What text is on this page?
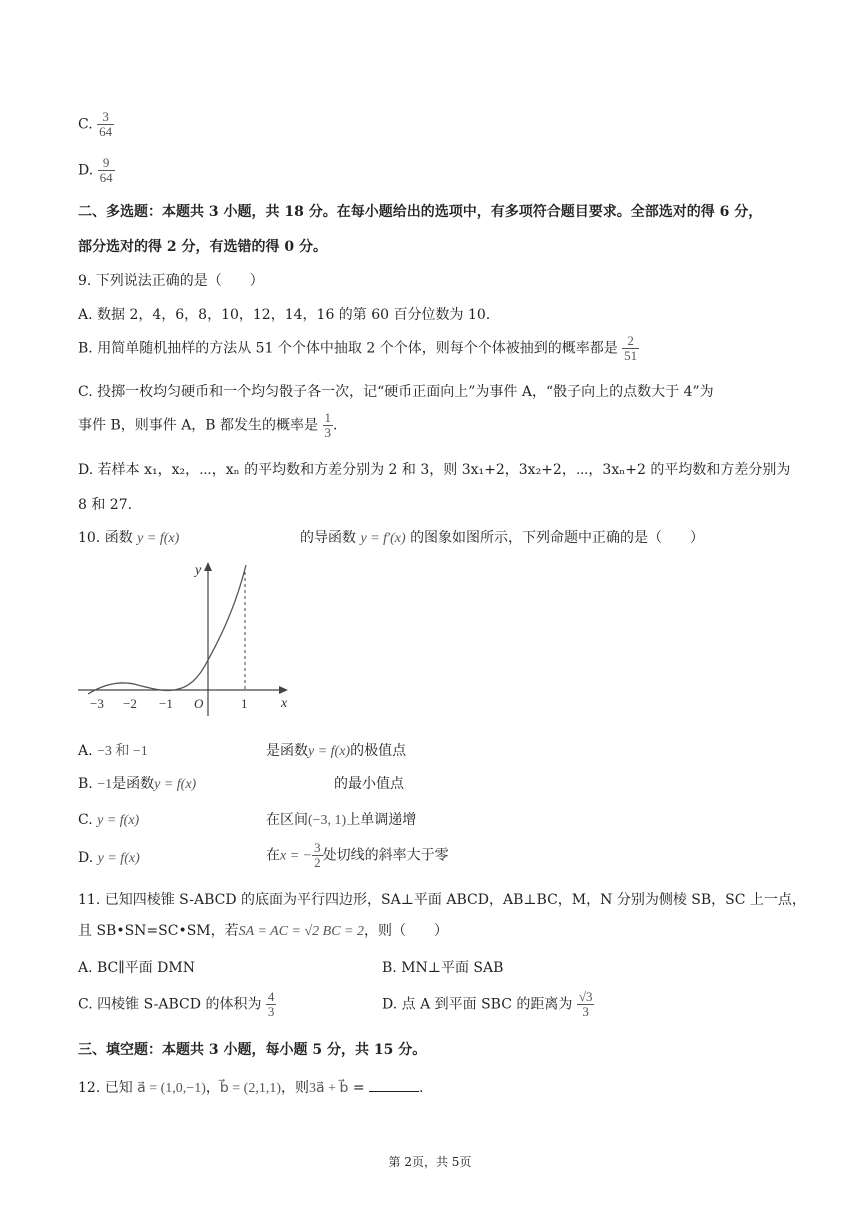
C. $\frac{3}{64}$
D. $\frac{9}{64}$
二、多选题：本题共 3 小题，共 18 分。在每小题给出的选项中，有多项符合题目要求。全部选对的得 6 分，
部分选对的得 2 分，有选错的得 0 分。
9. 下列说法正确的是（　　）
A. 数据 2，4，6，8，10，12，14，16 的第 60 百分位数为 10.
B. 用简单随机抽样的方法从 51 个个体中抽取 2 个个体，则每个个体被抽到的概率都是 $\frac{2}{51}$
C. 投掷一枚均匀硬币和一个均匀骰子各一次，记“硬币正面向上”为事件 A，“骰子向上的点数大于 4”为
事件 B，则事件 A，B 都发生的概率是 $\frac{1}{3}$ .
D. 若样本 x₁，x₂，⋯，xₙ 的平均数和方差分别为 2 和 3，则 3x₁+2，3x₂+2，⋯，3xₙ+2 的平均数和方差分别为
8 和 27.
10. 函数 y = f(x)	的导函数 y = f′(x) 的图象如图所示，下列命题中正确的是（　　）
y
x
O
−3 −2 −1	1
A. −3 和 −1	是函数y = f(x)的极值点
B. −1是函数y = f(x)	的最小值点
C. y = f(x)	在区间(−3, 1)上单调递增
D. y = f(x)	在x = − $\frac{3}{2}$ 处切线的斜率大于零
11. 已知四棱锥 S-ABCD 的底面为平行四边形，SA⊥平面 ABCD，AB⊥BC，M，N 分别为侧棱 SB，SC 上一点，
且 SB•SN=SC•SM，若SA = AC = √2 BC = 2，则（　　）
A. BC∥平面 DMN	B. MN⊥平面 SAB
C. 四棱锥 S-ABCD 的体积为 $\frac{4}{3}$	D. 点 A 到平面 SBC 的距离为 $\frac{√3}{3}$
三、填空题：本题共 3 小题，每小题 5 分，共 15 分。
12. 已知 a⃗ = (1,0,−1)，b⃗ = (2,1,1)，则3a⃗ + b⃗ =	.
第 2页，共 5页
